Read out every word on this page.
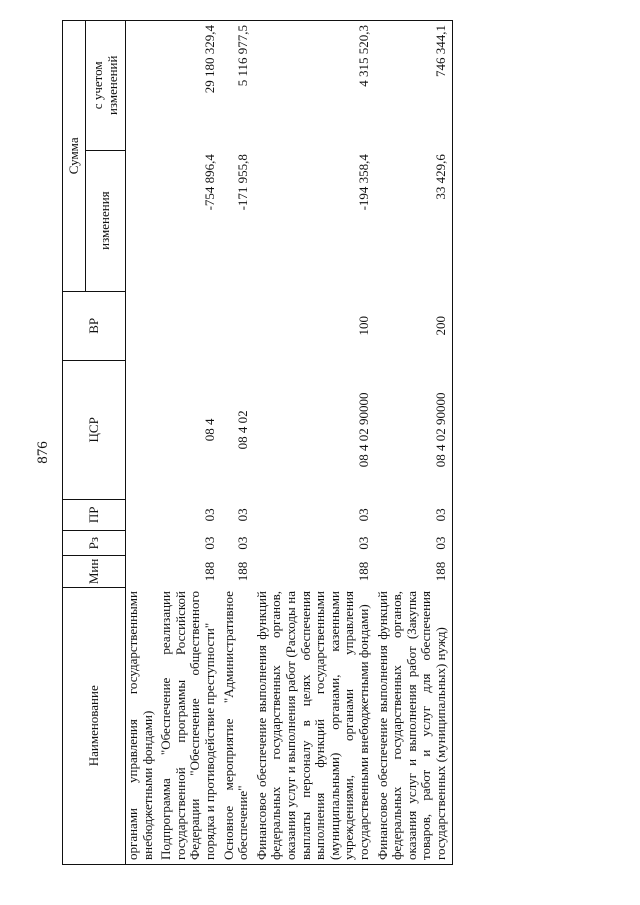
876
Наименование	Мин	Рз	ПР	ЦСР	ВР	Сумма	
						изменения	с учетом изменений

органами управления государственными внебюджетными фондами)							
Подпрограмма "Обеспечение реализации государственной программы Российской Федерации "Обеспечение общественного порядка и противодействие преступности"	188	03	03	08 4		-754 896,4	29 180 329,4
Основное мероприятие "Административное обеспечение"	188	03	03	08 4 02		-171 955,8	5 116 977,5
Финансовое обеспечение выполнения функций федеральных государственных органов, оказания услуг и выполнения работ (Расходы на выплаты персоналу в целях обеспечения выполнения функций государственными (муниципальными) органами, казенными учреждениями, органами управления государственными внебюджетными фондами)	188	03	03	08 4 02 90000	100	-194 358,4	4 315 520,3
Финансовое обеспечение выполнения функций федеральных государственных органов, оказания услуг и выполнения работ (Закупка товаров, работ и услуг для обеспечения государственных (муниципальных) нужд)	188	03	03	08 4 02 90000	200	33 429,6	746 344,1
